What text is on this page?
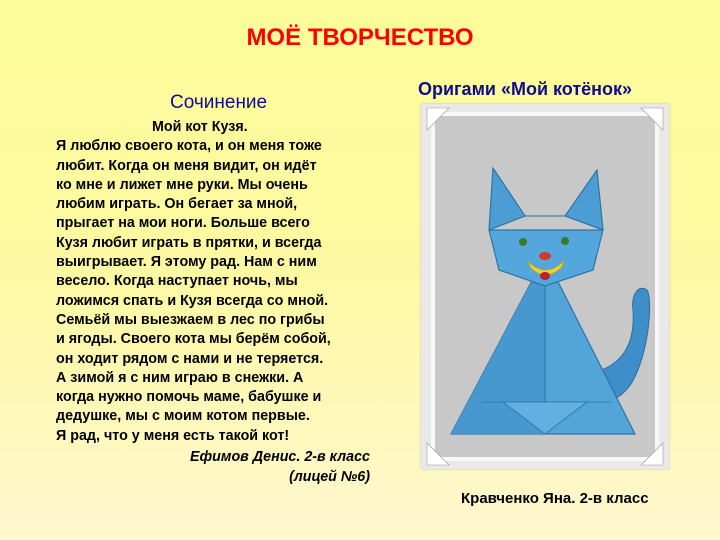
МОЁ ТВОРЧЕСТВО
Сочинение
Оригами «Мой котёнок»
Мой кот Кузя.
Я люблю своего кота, и он меня тоже
любит. Когда он меня видит, он идёт
ко мне и лижет мне руки. Мы очень
любим играть. Он бегает за мной,
прыгает на мои ноги. Больше всего
Кузя любит играть в прятки, и всегда
выигрывает. Я этому рад. Нам с ним
весело. Когда наступает ночь, мы
ложимся спать и Кузя всегда со мной.
Семьёй мы выезжаем в лес по грибы
и ягоды. Своего кота мы берём собой,
он ходит рядом с нами и не теряется.
А зимой я с ним играю в снежки. А
когда нужно помочь маме, бабушке и
дедушке, мы с моим котом первые.
Я рад, что у меня есть такой кот!
Ефимов Денис. 2-в класс
(лицей №6)
Кравченко Яна. 2-в класс
